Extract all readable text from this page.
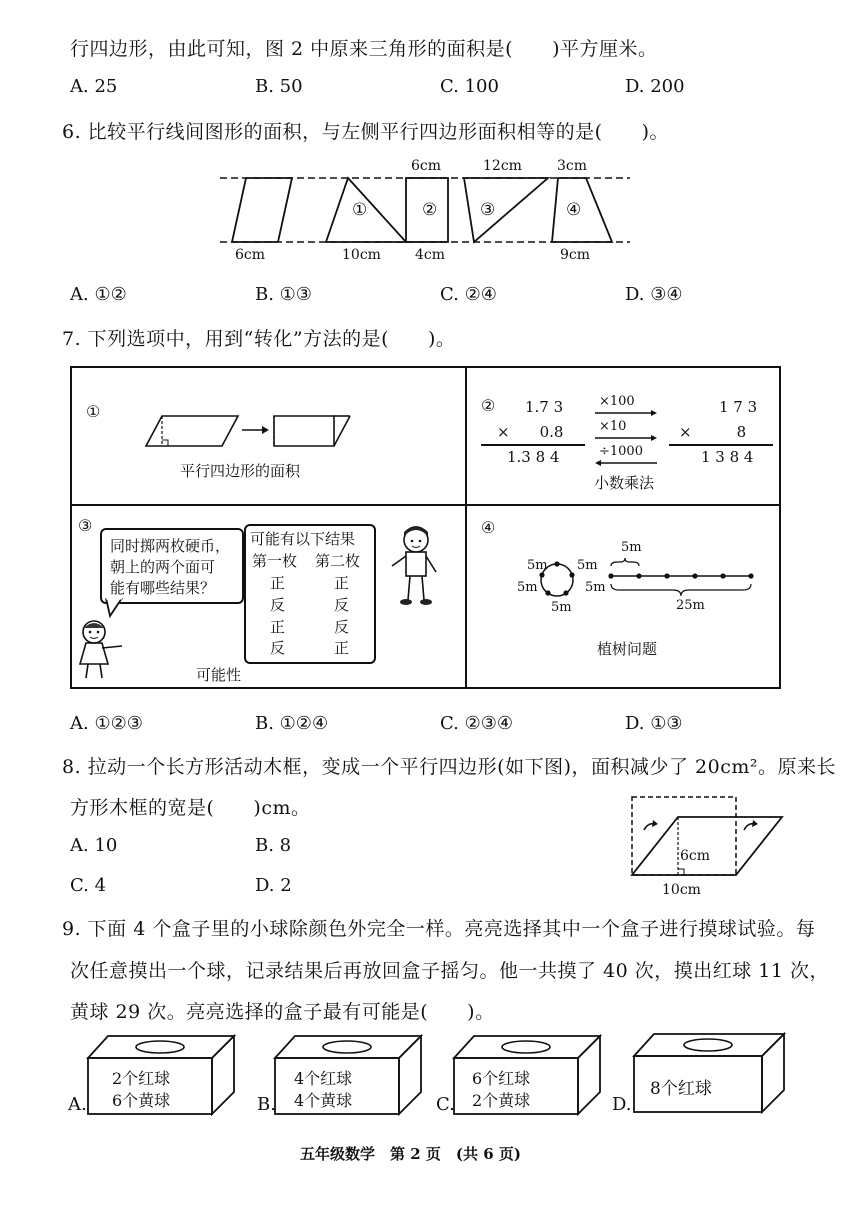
行四边形，由此可知，图 2 中原来三角形的面积是(　　)平方厘米。
A. 25	B. 50	C. 100	D. 200
6. 比较平行线间图形的面积，与左侧平行四边形面积相等的是(　　)。
6cm
①
10cm
6cm
②
4cm
12cm
③
3cm
④
9cm
A. ①②	B. ①③	C. ②④	D. ③④
7. 下列选项中，用到“转化”方法的是(　　)。
①
平行四边形的面积
② 1.7 3
×　　0.8
1.3 8 4
×100
×10
÷1000
1 7 3
×　　　8
1 3 8 4
小数乘法
③
同时掷两枚硬币，
朝上的两个面可
能有哪些结果？
可能有以下结果
第一枚 第二枚
正	正
反	反
正	反
反	正
可能性
④
5m 5m
5m	5m
5m
5m
25m
植树问题
A. ①②③	B. ①②④	C. ②③④	D. ①③
8. 拉动一个长方形活动木框，变成一个平行四边形(如下图)，面积减少了 20cm²。原来长
方形木框的宽是(　　)cm。
A. 10	B. 8
C. 4	D. 2
6cm
10cm
9. 下面 4 个盒子里的小球除颜色外完全一样。亮亮选择其中一个盒子进行摸球试验。每
次任意摸出一个球，记录结果后再放回盒子摇匀。他一共摸了 40 次，摸出红球 11 次，
黄球 29 次。亮亮选择的盒子最有可能是(　　)。
A.
2个红球
6个黄球	B.
4个红球
4个黄球	C.
6个红球
2个黄球	D.
8个红球
五年级数学　第 2 页　(共 6 页)
